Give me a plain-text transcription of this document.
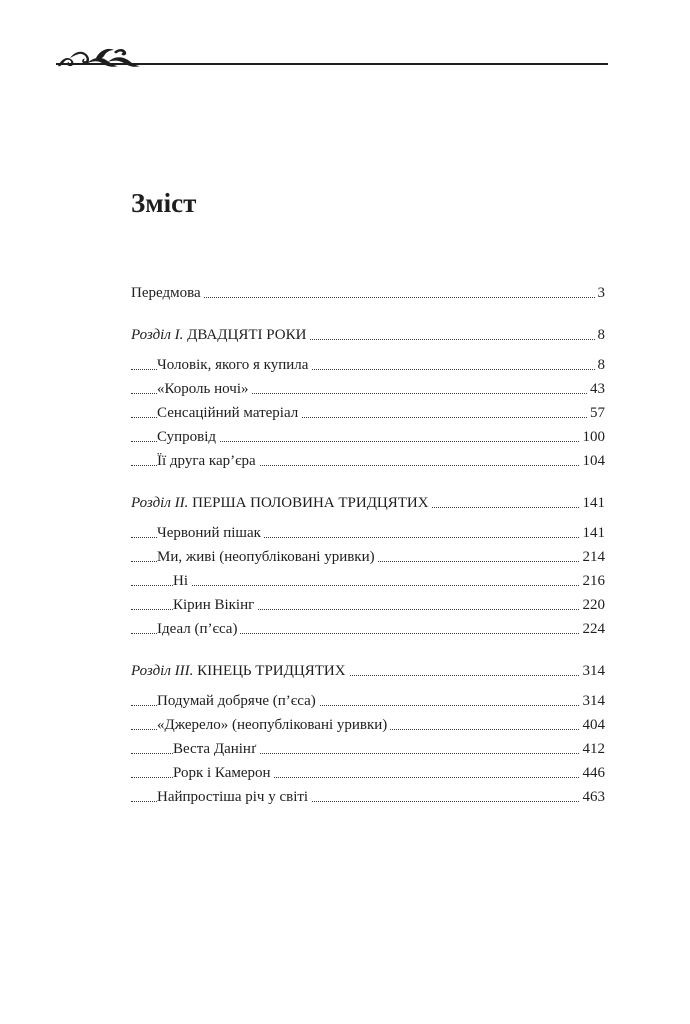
Зміст
Передмова	3
Розділ I. ДВАДЦЯТІ РОКИ	8
Чоловік, якого я купила	8
«Король ночі»	43
Сенсаційний матеріал	57
Супровід	100
Її друга кар’єра	104
Розділ II. ПЕРША ПОЛОВИНА ТРИДЦЯТИХ	141
Червоний пішак	141
Ми, живі (неопубліковані уривки)	214
Ні	216
Кірин Вікінг	220
Ідеал (п’єса)	224
Розділ III. КІНЕЦЬ ТРИДЦЯТИХ	314
Подумай добряче (п’єса)	314
«Джерело» (неопубліковані уривки)	404
Веста Данінґ	412
Рорк і Камерон	446
Найпростіша річ у світі	463
